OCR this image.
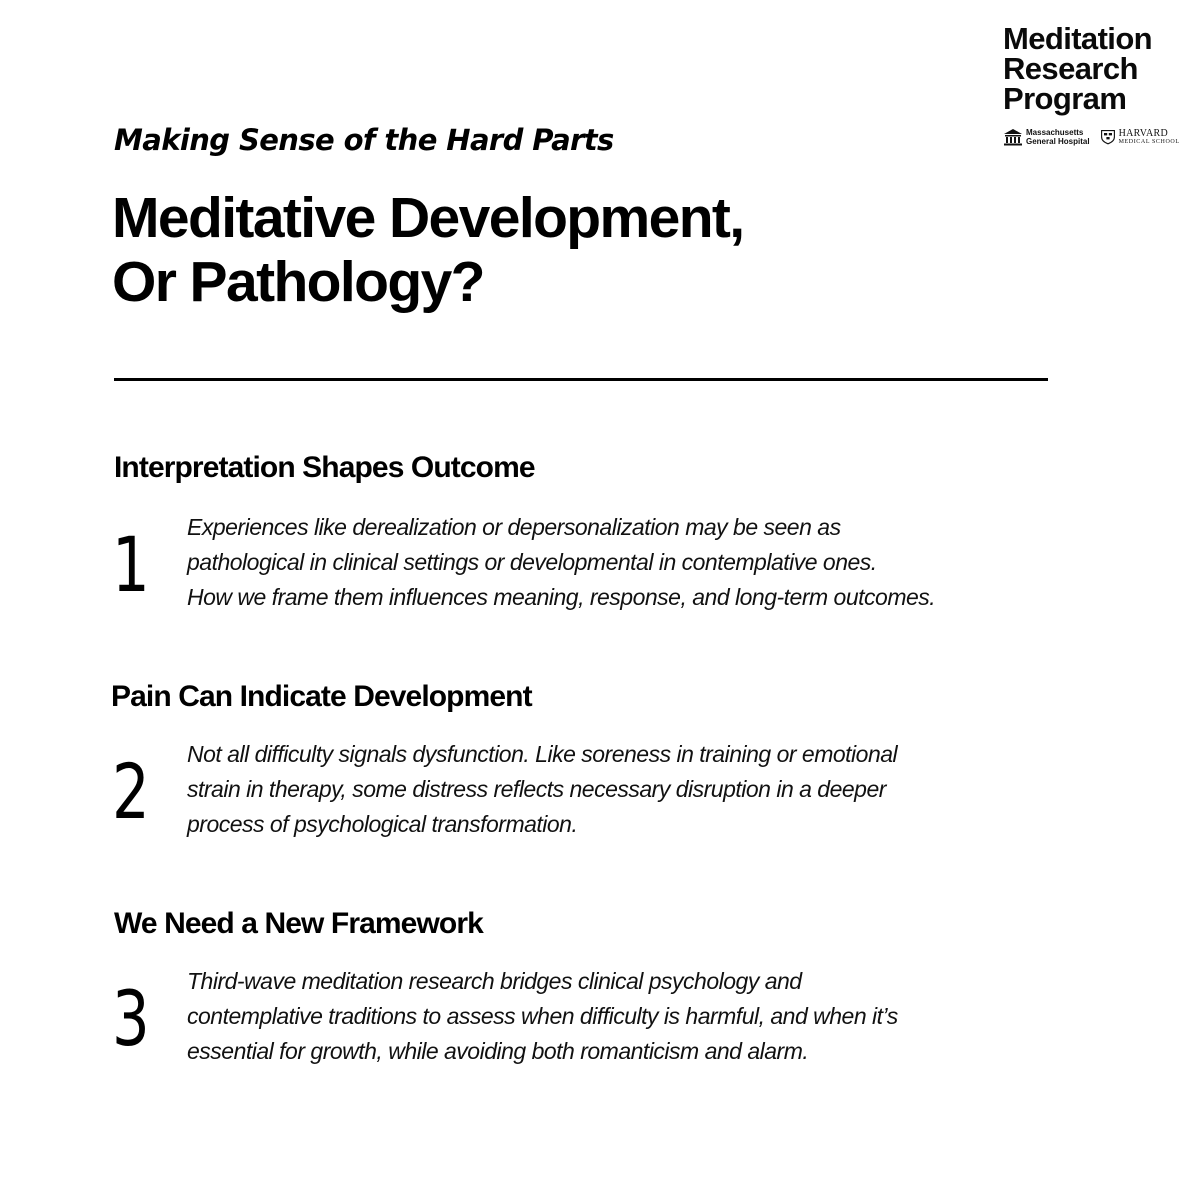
Meditation
Research
Program
Massachusetts
General Hospital
HARVARD
MEDICAL SCHOOL
Making Sense of the Hard Parts
Meditative Development,
Or Pathology?
Interpretation Shapes Outcome
1 Experiences like derealization or depersonalization may be seen as
pathological in clinical settings or developmental in contemplative ones.
How we frame them influences meaning, response, and long-term outcomes.
Pain Can Indicate Development
2 Not all difficulty signals dysfunction. Like soreness in training or emotional
strain in therapy, some distress reflects necessary disruption in a deeper
process of psychological transformation.
We Need a New Framework
3 Third-wave meditation research bridges clinical psychology and
contemplative traditions to assess when difficulty is harmful, and when it’s
essential for growth, while avoiding both romanticism and alarm.
